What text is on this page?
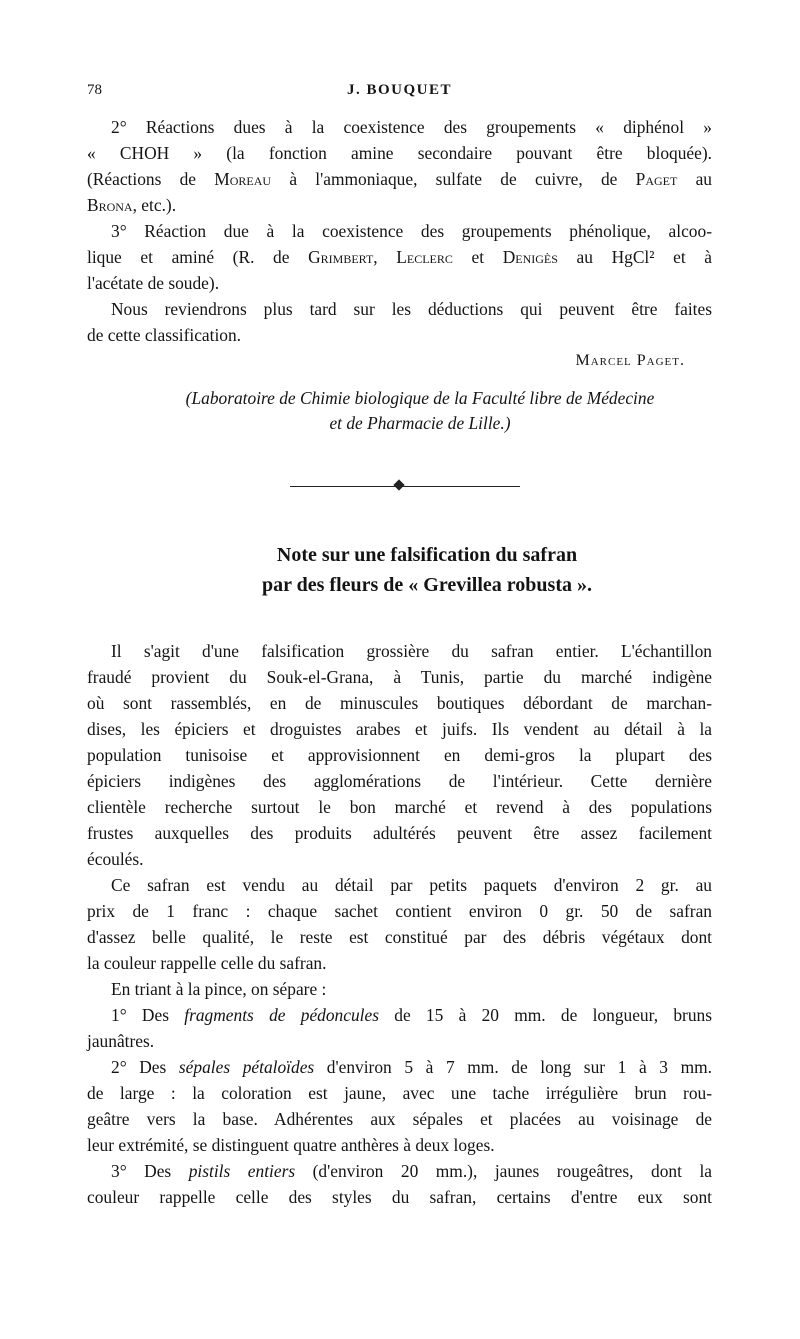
78	J. BOUQUET
2° Réactions dues à la coexistence des groupements « diphénol »
« CHOH » (la fonction amine secondaire pouvant être bloquée).
(Réactions de Moreau à l'ammoniaque, sulfate de cuivre, de Paget au
Brona, etc.).
3° Réaction due à la coexistence des groupements phénolique, alcoo-
lique et aminé (R. de Grimbert, Leclerc et Denigès au HgCl² et à
l'acétate de soude).
Nous reviendrons plus tard sur les déductions qui peuvent être faites
de cette classification.
Marcel Paget.
(Laboratoire de Chimie biologique de la Faculté libre de Médecine
et de Pharmacie de Lille.)
Note sur une falsification du safran
par des fleurs de « Grevillea robusta ».
Il s'agit d'une falsification grossière du safran entier. L'échantillon
fraudé provient du Souk-el-Grana, à Tunis, partie du marché indigène
où sont rassemblés, en de minuscules boutiques débordant de marchan-
dises, les épiciers et droguistes arabes et juifs. Ils vendent au détail à la
population tunisoise et approvisionnent en demi-gros la plupart des
épiciers indigènes des agglomérations de l'intérieur. Cette dernière
clientèle recherche surtout le bon marché et revend à des populations
frustes auxquelles des produits adultérés peuvent être assez facilement
écoulés.
Ce safran est vendu au détail par petits paquets d'environ 2 gr. au
prix de 1 franc : chaque sachet contient environ 0 gr. 50 de safran
d'assez belle qualité, le reste est constitué par des débris végétaux dont
la couleur rappelle celle du safran.
En triant à la pince, on sépare :
1° Des fragments de pédoncules de 15 à 20 mm. de longueur, bruns
jaunâtres.
2° Des sépales pétaloïdes d'environ 5 à 7 mm. de long sur 1 à 3 mm.
de large : la coloration est jaune, avec une tache irrégulière brun rou-
geâtre vers la base. Adhérentes aux sépales et placées au voisinage de
leur extrémité, se distinguent quatre anthères à deux loges.
3° Des pistils entiers (d'environ 20 mm.), jaunes rougeâtres, dont la
couleur rappelle celle des styles du safran, certains d'entre eux sont
